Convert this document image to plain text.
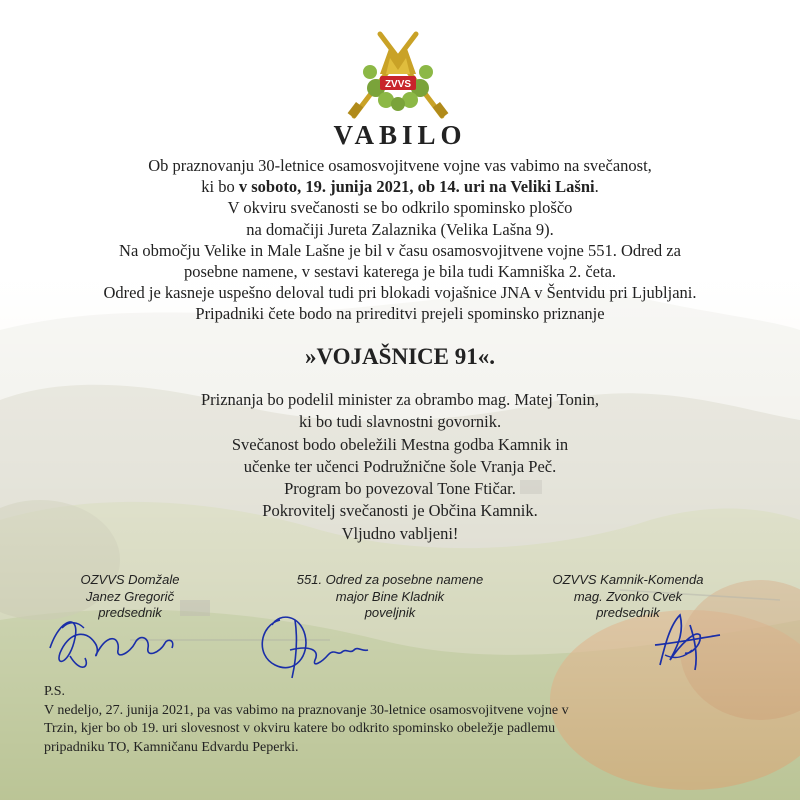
ZVVS
VABILO

Ob praznovanju 30-letnice osamosvojitvene vojne vas vabimo na svečanost,

ki bo v soboto, 19. junija 2021, ob 14. uri na Veliki Lašni.

V okviru svečanosti se bo odkrilo spominsko ploščo

na domačiji Jureta Zalaznika (Velika Lašna 9).

Na območju Velike in Male Lašne je bil v času osamosvojitvene vojne 551. Odred za

posebne namene, v sestavi katerega je bila tudi Kamniška 2. četa.

Odred je kasneje uspešno deloval tudi pri blokadi vojašnice JNA v Šentvidu pri Ljubljani.

Pripadniki čete bodo na prireditvi prejeli spominsko priznanje

»VOJAŠNICE 91«.

Priznanja bo podelil minister za obrambo mag. Matej Tonin,

ki bo tudi slavnostni govornik.

Svečanost bodo obeležili Mestna godba Kamnik in

učenke ter učenci Podružnične šole Vranja Peč.

Program bo povezoval Tone Ftičar.

Pokrovitelj svečanosti je Občina Kamnik.

Vljudno vabljeni!

OZVVS Domžale
Janez Gregorič
predsednik
551. Odred za posebne namene
major Bine Kladnik
poveljnik
OZVVS Kamnik-Komenda
mag. Zvonko Cvek
predsednik

P.S.

V nedeljo, 27. junija 2021, pa vas vabimo na praznovanje 30-letnice osamosvojitvene vojne v

Trzin, kjer bo ob 19. uri slovesnost v okviru katere bo odkrito spominsko obeležje padlemu

pripadniku TO, Kamničanu Edvardu Peperki.
